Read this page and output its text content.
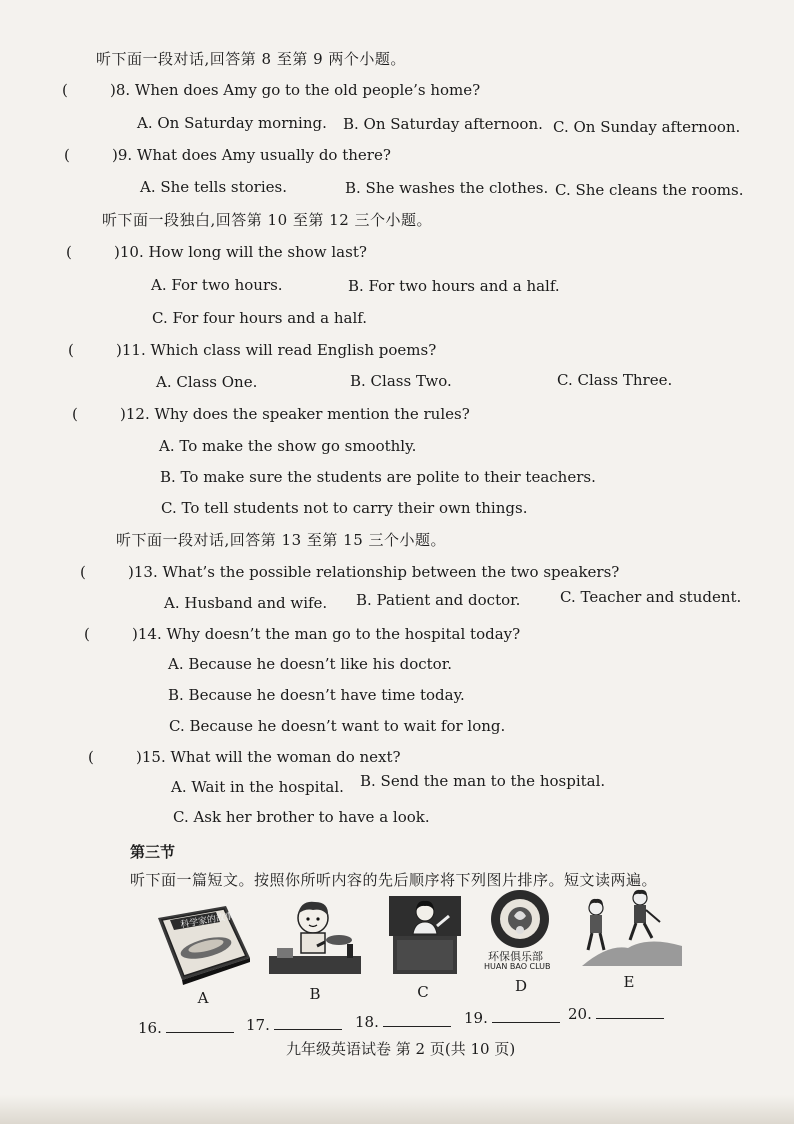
听下面一段对话,回答第 8 至第 9 两个小题。
(	)8. When does Amy go to the old people’s home?
A. On Saturday morning. B. On Saturday afternoon. C. On Sunday afternoon.
(	)9. What does Amy usually do there?
A. She tells stories.	B. She washes the clothes. C. She cleans the rooms.
听下面一段独白,回答第 10 至第 12 三个小题。
(	)10. How long will the show last?
A. For two hours.	B. For two hours and a half.
C. For four hours and a half.
(	)11. Which class will read English poems?
A. Class One.	B. Class Two.	C. Class Three.
(	)12. Why does the speaker mention the rules?
A. To make the show go smoothly.
B. To make sure the students are polite to their teachers.
C. To tell students not to carry their own things.
听下面一段对话,回答第 13 至第 15 三个小题。
(	)13. What’s the possible relationship between the two speakers?
A. Husband and wife. B. Patient and doctor.	C. Teacher and student.
(	)14. Why doesn’t the man go to the hospital today?
A. Because he doesn’t like his doctor.
B. Because he doesn’t have time today.
C. Because he doesn’t want to wait for long.
(	)15. What will the woman do next?
A. Wait in the hospital. B. Send the man to the hospital.
C. Ask her brother to have a look.
第三节
听下面一篇短文。按照你所听内容的先后顺序将下列图片排序。短文读两遍。
科学家的故事
A	B	C
环保俱乐部
HUAN BAO CLUB
D	E
16.	17.	18.	19.	20.
九年级英语试卷 第 2 页(共 10 页)
